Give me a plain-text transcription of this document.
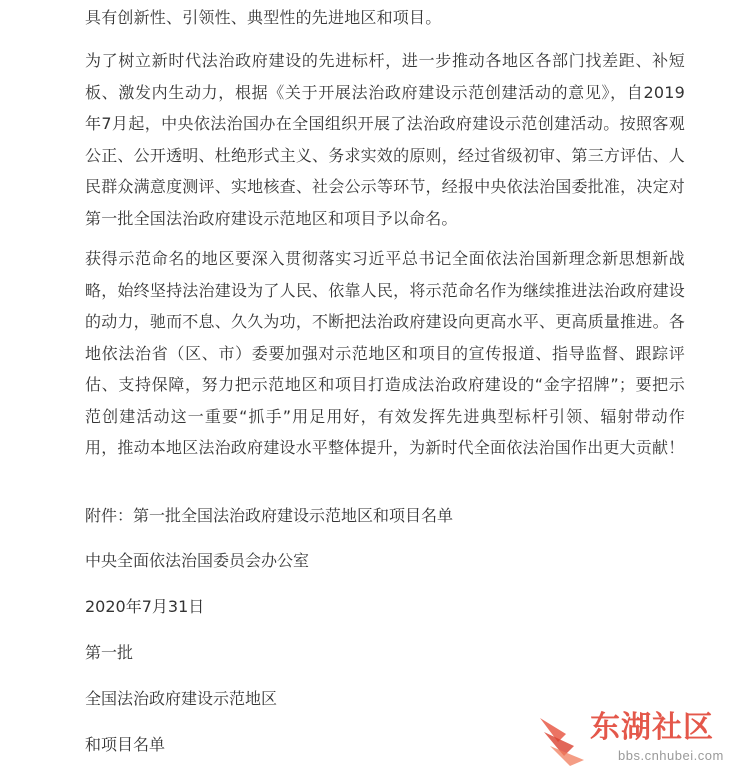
具有创新性、引领性、典型性的先进地区和项目。

为了树立新时代法治政府建设的先进标杆，进一步推动各地区各部门找差距、补短板、激发内生动力，根据《关于开展法治政府建设示范创建活动的意见》，自2019年7月起，中央依法治国办在全国组织开展了法治政府建设示范创建活动。按照客观公正、公开透明、杜绝形式主义、务求实效的原则，经过省级初审、第三方评估、人民群众满意度测评、实地核查、社会公示等环节，经报中央依法治国委批准，决定对第一批全国法治政府建设示范地区和项目予以命名。

获得示范命名的地区要深入贯彻落实习近平总书记全面依法治国新理念新思想新战略，始终坚持法治建设为了人民、依靠人民，将示范命名作为继续推进法治政府建设的动力，驰而不息、久久为功，不断把法治政府建设向更高水平、更高质量推进。各地依法治省（区、市）委要加强对示范地区和项目的宣传报道、指导监督、跟踪评估、支持保障，努力把示范地区和项目打造成法治政府建设的“金字招牌”；要把示范创建活动这一重要“抓手”用足用好，有效发挥先进典型标杆引领、辐射带动作用，推动本地区法治政府建设水平整体提升，为新时代全面依法治国作出更大贡献！

附件：第一批全国法治政府建设示范地区和项目名单

中央全面依法治国委员会办公室

2020年7月31日

第一批

全国法治政府建设示范地区

和项目名单	东湖社区
bbs.cnhubei.com
